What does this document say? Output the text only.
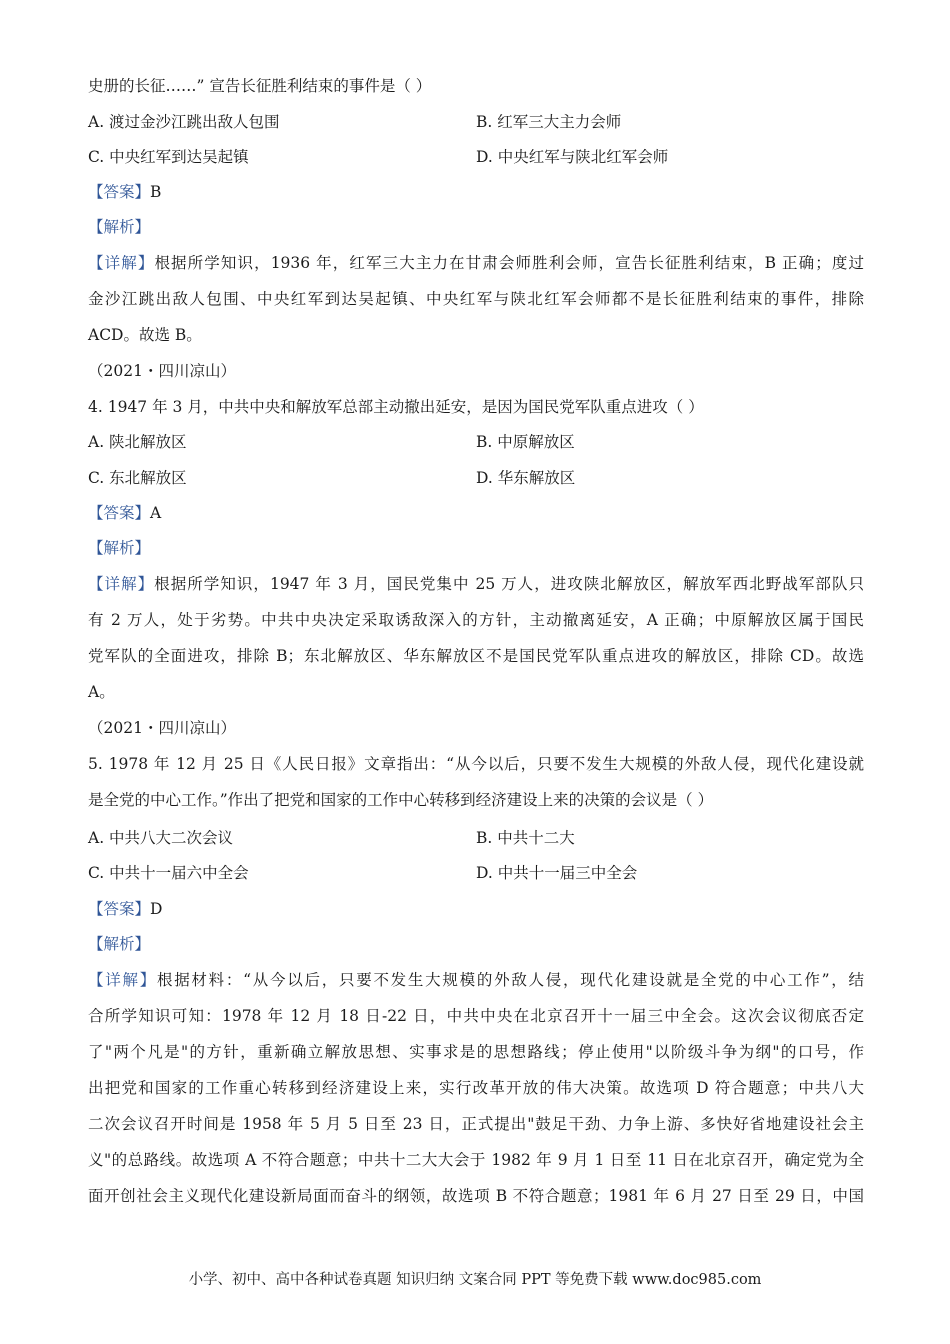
史册的长征……” 宣告长征胜利结束的事件是（ ）
A. 渡过金沙江跳出敌人包围	B. 红军三大主力会师
C. 中央红军到达吴起镇	D. 中央红军与陕北红军会师
【答案】B
【解析】
【详解】根据所学知识，1936 年，红军三大主力在甘肃会师胜利会师，宣告长征胜利结束，B 正确；度过
金沙江跳出敌人包围、中央红军到达吴起镇、中央红军与陕北红军会师都不是长征胜利结束的事件，排除
ACD。故选 B。
（2021・四川凉山）
4. 1947 年 3 月，中共中央和解放军总部主动撤出延安，是因为国民党军队重点进攻（ ）
A. 陕北解放区	B. 中原解放区
C. 东北解放区	D. 华东解放区
【答案】A
【解析】
【详解】根据所学知识，1947 年 3 月，国民党集中 25 万人，进攻陕北解放区，解放军西北野战军部队只
有 2 万人，处于劣势。中共中央决定采取诱敌深入的方针，主动撤离延安，A 正确；中原解放区属于国民
党军队的全面进攻，排除 B；东北解放区、华东解放区不是国民党军队重点进攻的解放区，排除 CD。故选
A。
（2021・四川凉山）
5. 1978 年 12 月 25 日《人民日报》文章指出：“从今以后，只要不发生大规模的外敌人侵，现代化建设就
是全党的中心工作。”作出了把党和国家的工作中心转移到经济建设上来的决策的会议是（ ）
A. 中共八大二次会议	B. 中共十二大
C. 中共十一届六中全会	D. 中共十一届三中全会
【答案】D
【解析】
【详解】根据材料：“从今以后，只要不发生大规模的外敌人侵，现代化建设就是全党的中心工作”，结
合所学知识可知：1978 年 12 月 18 日-22 日，中共中央在北京召开十一届三中全会。这次会议彻底否定
了"两个凡是"的方针，重新确立解放思想、实事求是的思想路线；停止使用"以阶级斗争为纲"的口号，作
出把党和国家的工作重心转移到经济建设上来，实行改革开放的伟大决策。故选项 D 符合题意；中共八大
二次会议召开时间是 1958 年 5 月 5 日至 23 日，正式提出"鼓足干劲、力争上游、多快好省地建设社会主
义"的总路线。故选项 A 不符合题意；中共十二大大会于 1982 年 9 月 1 日至 11 日在北京召开，确定党为全
面开创社会主义现代化建设新局面而奋斗的纲领，故选项 B 不符合题意；1981 年 6 月 27 日至 29 日，中国
小学、初中、高中各种试卷真题 知识归纳 文案合同 PPT 等免费下载 www.doc985.com
